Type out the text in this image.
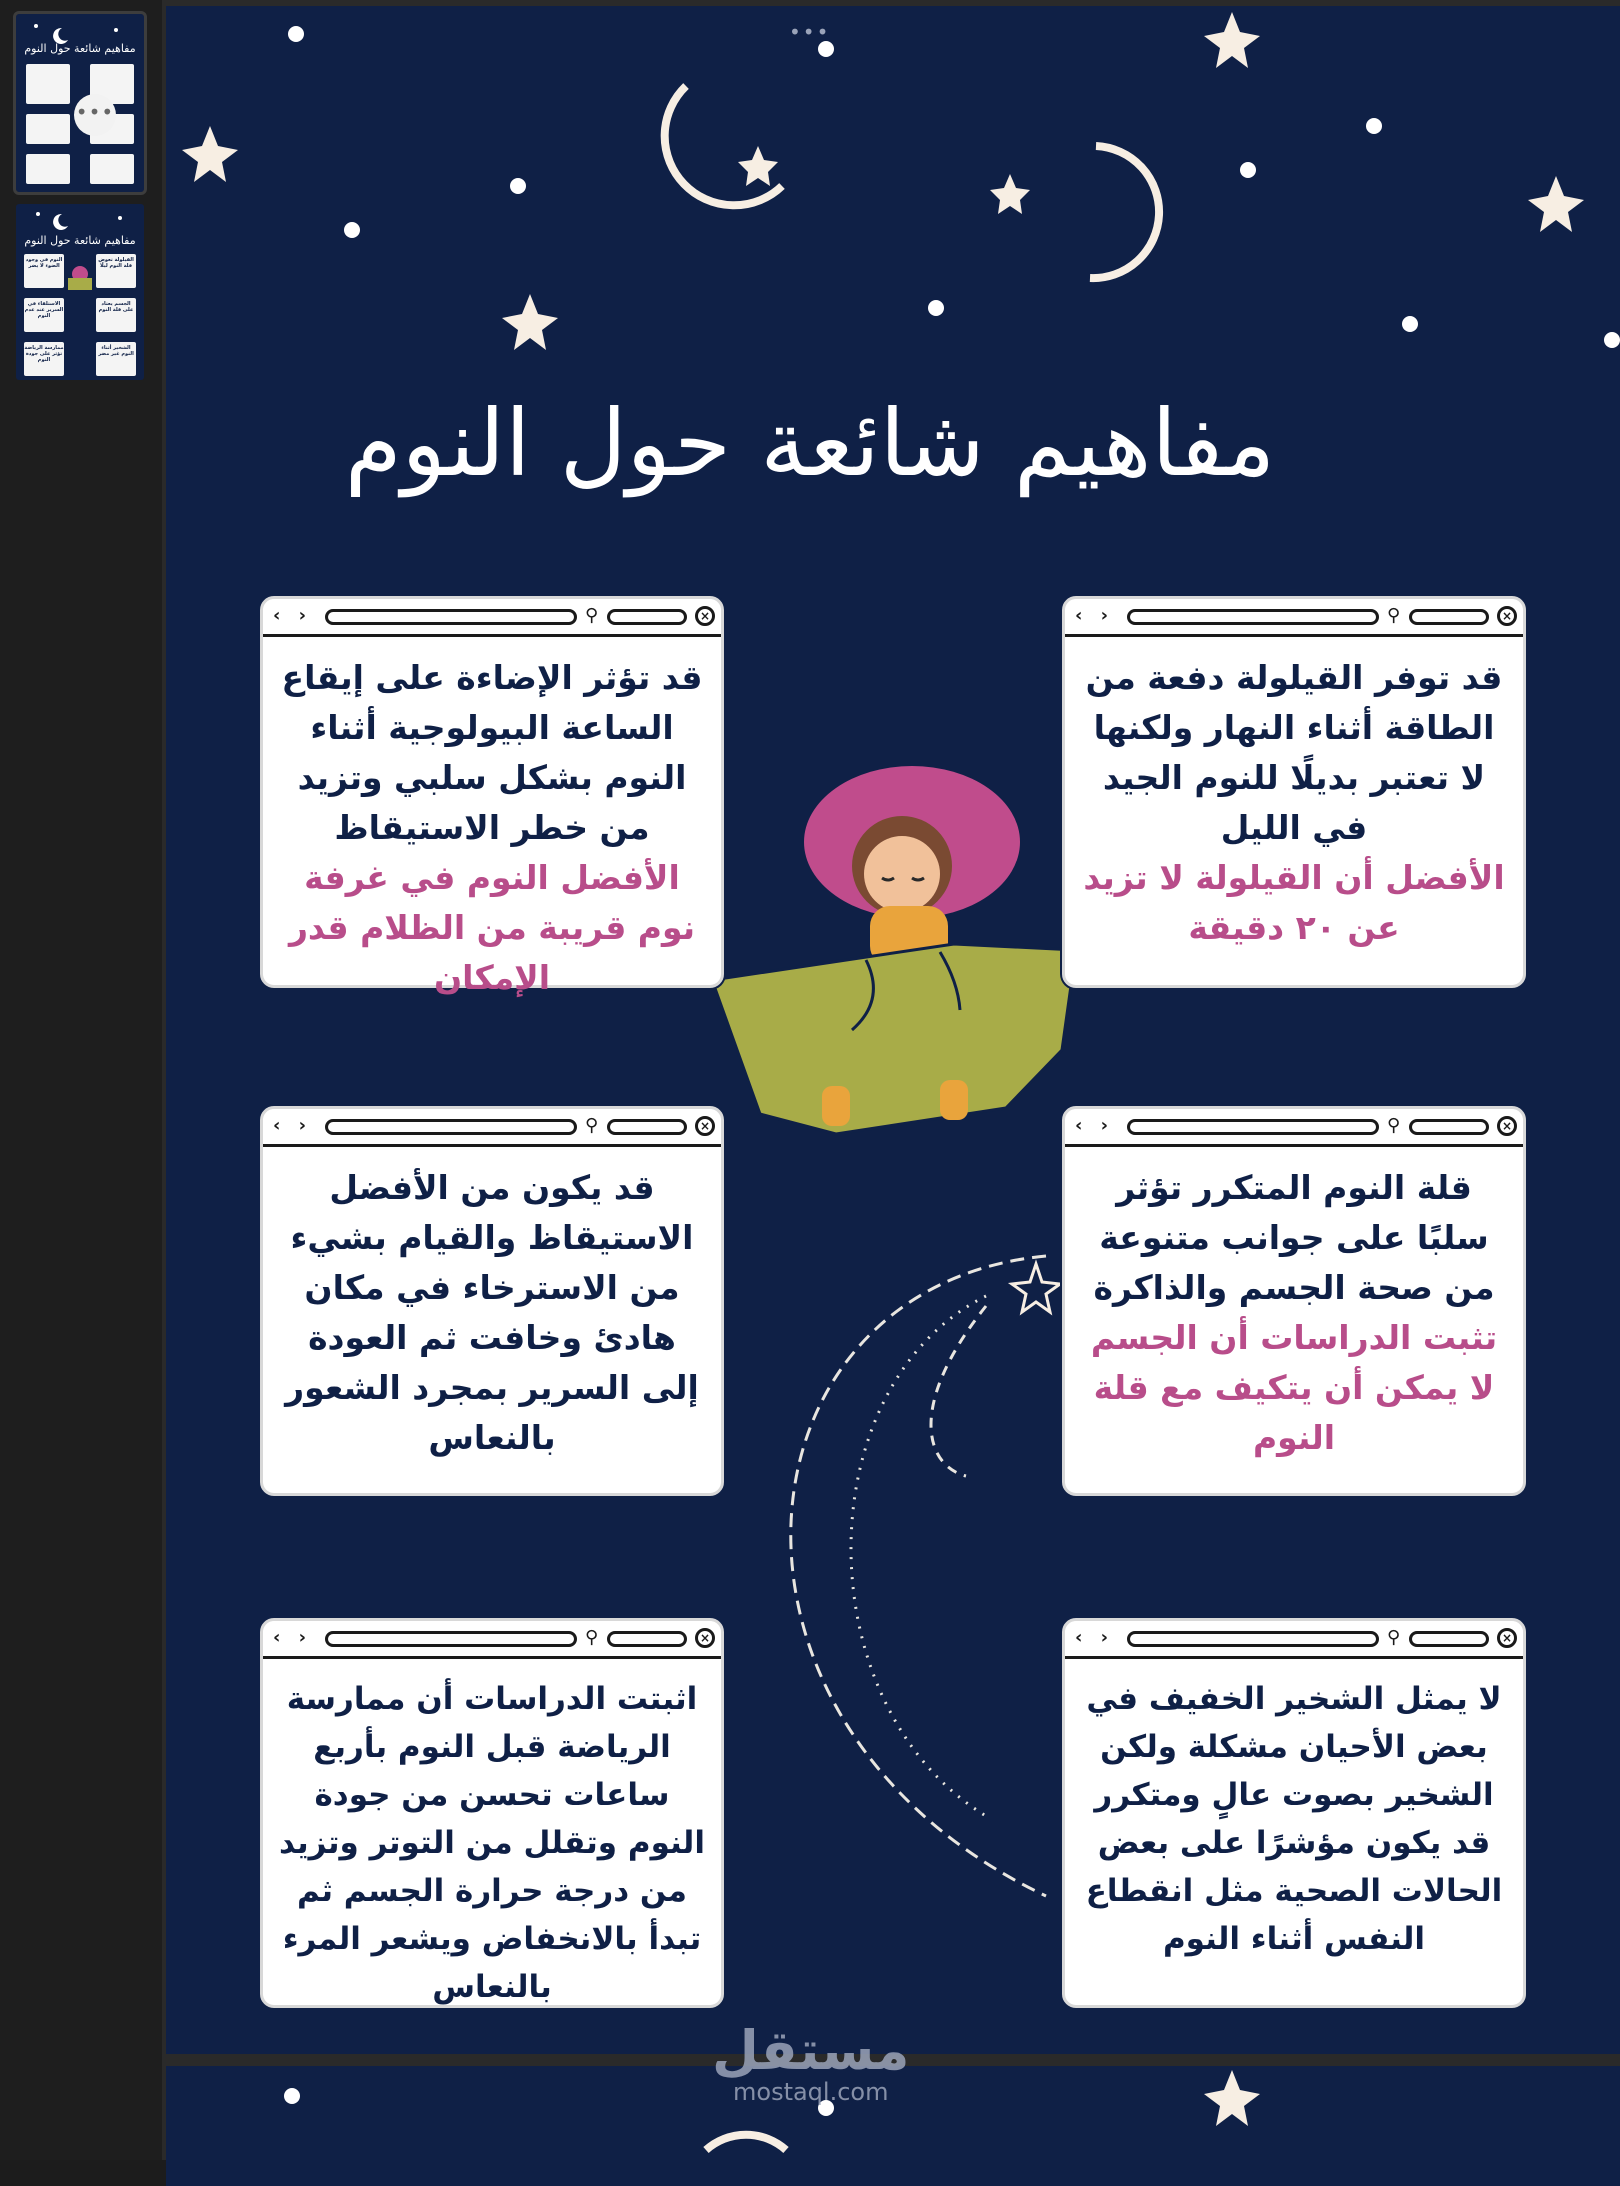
مفاهيم شائعة حول النوم
•••
مفاهيم شائعة حول النوم
النوم في وجود الضوء لا يضر
القيلولة تعوض قلة النوم ليلًا
الاستلقاء في السرير عند عدم النوم
الجسم يعتاد على قلة النوم
ممارسة الرياضة تؤثر على جودة النوم
الشخير أثناء النوم غير مضر
•••
‹ ›	⚲	×
قد توفر القيلولة دفعة من الطاقة أثناء النهار ولكنها لا تعتبر بديلًا للنوم الجيد في الليل
الأفضل أن القيلولة لا تزيد عن ٢٠ دقيقة
‹ ›	⚲	×
قد تؤثر الإضاءة على إيقاع الساعة البيولوجية أثناء النوم بشكل سلبي وتزيد من خطر الاستيقاظ
الأفضل النوم في غرفة نوم قريبة من الظلام قدر الإمكان
‹ ›	⚲	×
قلة النوم المتكرر تؤثر سلبًا على جوانب متنوعة من صحة الجسم والذاكرة
تثبت الدراسات أن الجسم لا يمكن أن يتكيف مع قلة النوم
‹ ›	⚲	×
قد يكون من الأفضل الاستيقاظ والقيام بشيء من الاسترخاء في مكان هادئ وخافت ثم العودة إلى السرير بمجرد الشعور بالنعاس
‹ ›	⚲	×
لا يمثل الشخير الخفيف في بعض الأحيان مشكلة ولكن الشخير بصوت عالٍ ومتكرر قد يكون مؤشرًا على بعض الحالات الصحية مثل انقطاع النفس أثناء النوم
‹ ›	⚲	×
اثبتت الدراسات أن ممارسة الرياضة قبل النوم بأربع ساعات تحسن من جودة النوم وتقلل من التوتر وتزيد من درجة حرارة الجسم ثم تبدأ بالانخفاض ويشعر المرء بالنعاس
مفاهيم شائعة حول النوم
مستقل
mostaql.com
